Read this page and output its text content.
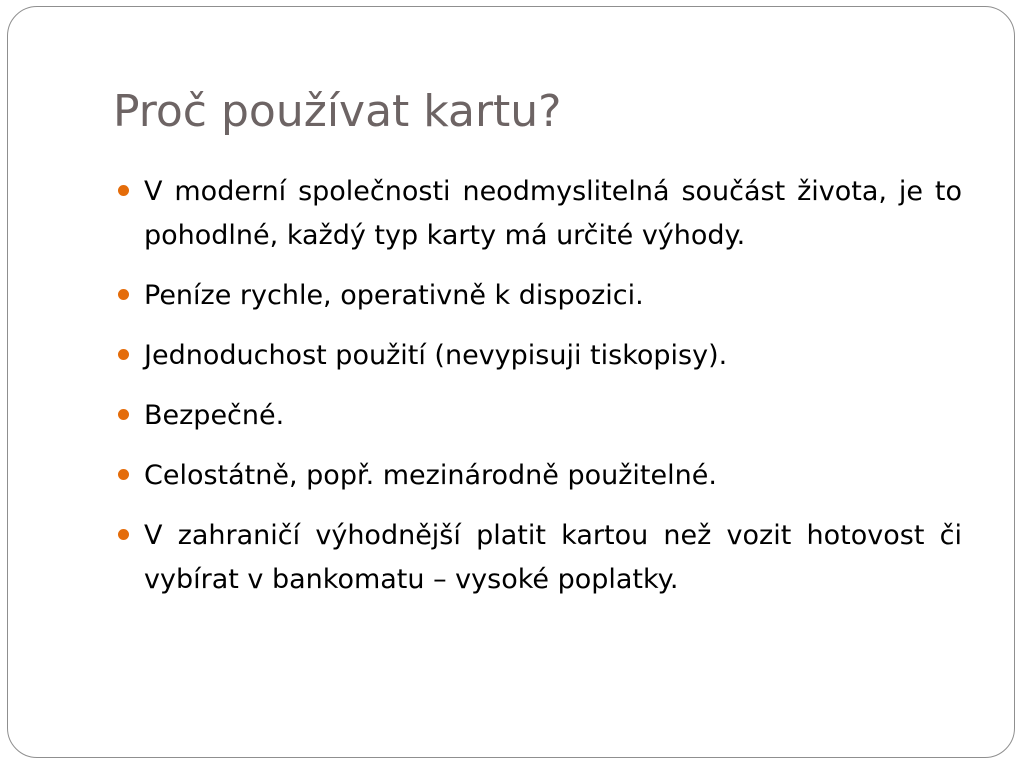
Proč používat kartu?
V moderní společnosti neodmyslitelná součást života, je to pohodlné, každý typ karty má určité výhody.
Peníze rychle, operativně k dispozici.
Jednoduchost použití (nevypisuji tiskopisy).
Bezpečné.
Celostátně, popř. mezinárodně použitelné.
V zahraničí výhodnější platit kartou než vozit hotovost či vybírat v bankomatu – vysoké poplatky.
